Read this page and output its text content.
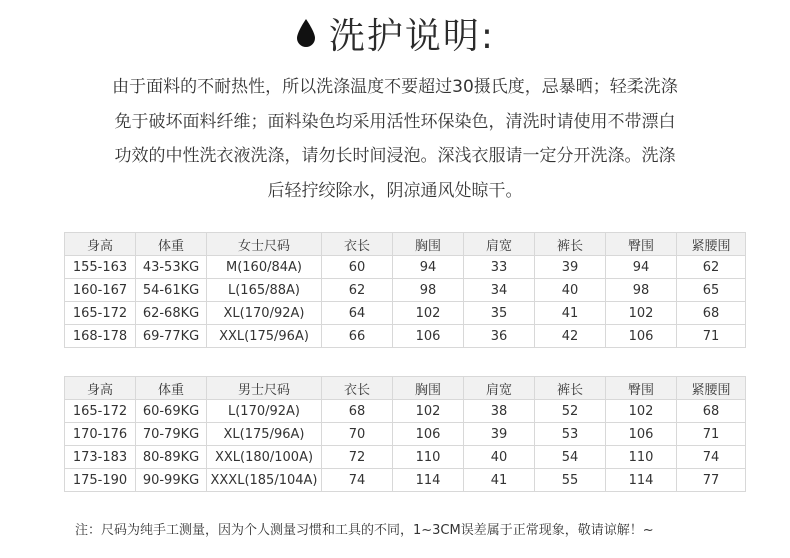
洗护说明:
由于面料的不耐热性，所以洗涤温度不要超过30摄氏度，忌暴晒；轻柔洗涤
免于破坏面料纤维；面料染色均采用活性环保染色，清洗时请使用不带漂白
功效的中性洗衣液洗涤，请勿长时间浸泡。深浅衣服请一定分开洗涤。洗涤
后轻拧绞除水，阴凉通风处晾干。
身高	体重	女士尺码	衣长	胸围	肩宽	裤长	臀围	紧腰围
155-163	43-53KG	M(160/84A)	60	94	33	39	94	62
160-167	54-61KG	L(165/88A)	62	98	34	40	98	65
165-172	62-68KG	XL(170/92A)	64	102	35	41	102	68
168-178	69-77KG	XXL(175/96A)	66	106	36	42	106	71
身高	体重	男士尺码	衣长	胸围	肩宽	裤长	臀围	紧腰围
165-172	60-69KG	L(170/92A)	68	102	38	52	102	68
170-176	70-79KG	XL(175/96A)	70	106	39	53	106	71
173-183	80-89KG	XXL(180/100A)	72	110	40	54	110	74
175-190	90-99KG	XXXL(185/104A)	74	114	41	55	114	77
注：尺码为纯手工测量，因为个人测量习惯和工具的不同，1~3CM误差属于正常现象，敬请谅解！~
